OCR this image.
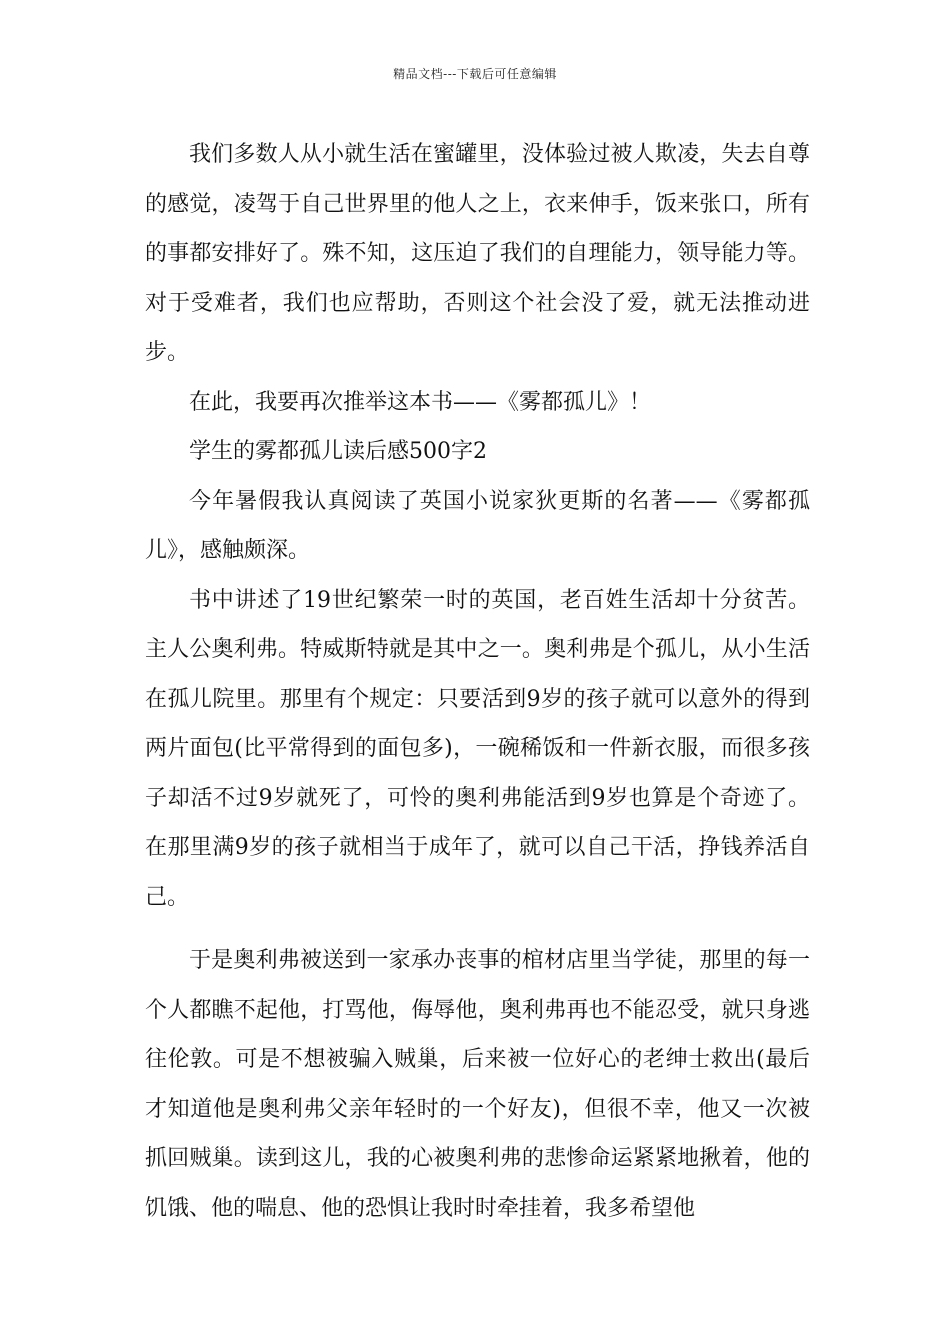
精品文档---下载后可任意编辑

我们多数人从小就生活在蜜罐里，没体验过被人欺凌，失去自尊的感觉，凌驾于自己世界里的他人之上，衣来伸手，饭来张口，所有的事都安排好了。殊不知，这压迫了我们的自理能力，领导能力等。对于受难者，我们也应帮助，否则这个社会没了爱，就无法推动进步。

在此，我要再次推举这本书——《雾都孤儿》！

学生的雾都孤儿读后感500字2

今年暑假我认真阅读了英国小说家狄更斯的名著——《雾都孤儿》，感触颇深。

书中讲述了19世纪繁荣一时的英国，老百姓生活却十分贫苦。主人公奥利弗。特威斯特就是其中之一。奥利弗是个孤儿，从小生活在孤儿院里。那里有个规定：只要活到9岁的孩子就可以意外的得到两片面包(比平常得到的面包多)，一碗稀饭和一件新衣服，而很多孩子却活不过9岁就死了，可怜的奥利弗能活到9岁也算是个奇迹了。在那里满9岁的孩子就相当于成年了，就可以自己干活，挣钱养活自己。

于是奥利弗被送到一家承办丧事的棺材店里当学徒，那里的每一个人都瞧不起他，打骂他，侮辱他，奥利弗再也不能忍受，就只身逃往伦敦。可是不想被骗入贼巢，后来被一位好心的老绅士救出(最后才知道他是奥利弗父亲年轻时的一个好友)，但很不幸，他又一次被抓回贼巢。读到这儿，我的心被奥利弗的悲惨命运紧紧地揪着，他的饥饿、他的喘息、他的恐惧让我时时牵挂着，我多希望他
